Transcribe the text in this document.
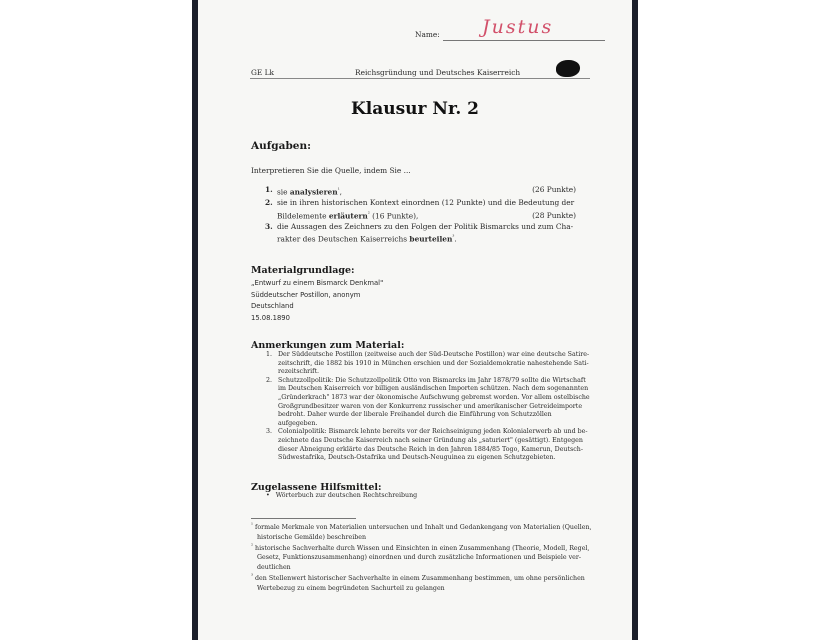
Name: Justus
GE Lk	Reichsgründung und Deutsches Kaiserreich
Klausur Nr. 2
Aufgaben:
Interpretieren Sie die Quelle, indem Sie ...
1. sie analysieren$^{^1}$,	(26 Punkte)
2. sie in ihren historischen Kontext einordnen (12 Punkte) und die Bedeutung der
Bildelemente erläutern$^{^2}$ (16 Punkte),	(28 Punkte)
3. die Aussagen des Zeichners zu den Folgen der Politik Bismarcks und zum Cha-
rakter des Deutschen Kaiserreichs beurteilen$^{^3}$.
Materialgrundlage:
„Entwurf zu einem Bismarck Denkmal"
Süddeutscher Postillon, anonym
Deutschland
15.08.1890
Anmerkungen zum Material:
1. Der Süddeutsche Postillon (zeitweise auch der Süd-Deutsche Postillon) war eine deutsche Satire-zeitschrift, die 1882 bis 1910 in München erschien und der Sozialdemokratie nahestehende Sati-rezeitschrift.
2. Schutzzollpolitik: Die Schutzzollpolitik Otto von Bismarcks im Jahr 1878/79 sollte die Wirtschaft im Deutschen Kaiserreich vor billigen ausländischen Importen schützen. Nach dem sogenannten „Gründerkrach" 1873 war der ökonomische Aufschwung gebremst worden. Vor allem ostelbische Großgrundbesitzer waren von der Konkurrenz russischer und amerikanischer Getreideimporte bedroht. Daher wurde der liberale Freihandel durch die Einführung von Schutzzöllen aufgegeben.
3. Colonialpolitik: Bismarck lehnte bereits vor der Reichseinigung jeden Kolonialerwerb ab und be-zeichnete das Deutsche Kaiserreich nach seiner Gründung als „saturiert" (gesättigt). Entgegen dieser Abneigung erklärte das Deutsche Reich in den Jahren 1884/85 Togo, Kamerun, Deutsch-Südwestafrika, Deutsch-Ostafrika und Deutsch-Neuguinea zu eigenen Schutzgebieten.
Zugelassene Hilfsmittel:
•   Wörterbuch zur deutschen Rechtschreibung
$^{^1}$ formale Merkmale von Materialien untersuchen und Inhalt und Gedankengang von Materialien (Quellen, historische Gemälde) beschreiben
$^{^2}$ historische Sachverhalte durch Wissen und Einsichten in einen Zusammenhang (Theorie, Modell, Regel, Gesetz, Funktionszusammenhang) einordnen und durch zusätzliche Informationen und Beispiele ver-deutlichen
$^{^3}$ den Stellenwert historischer Sachverhalte in einem Zusammenhang bestimmen, um ohne persönlichen Wertebezug zu einem begründeten Sachurteil zu gelangen
